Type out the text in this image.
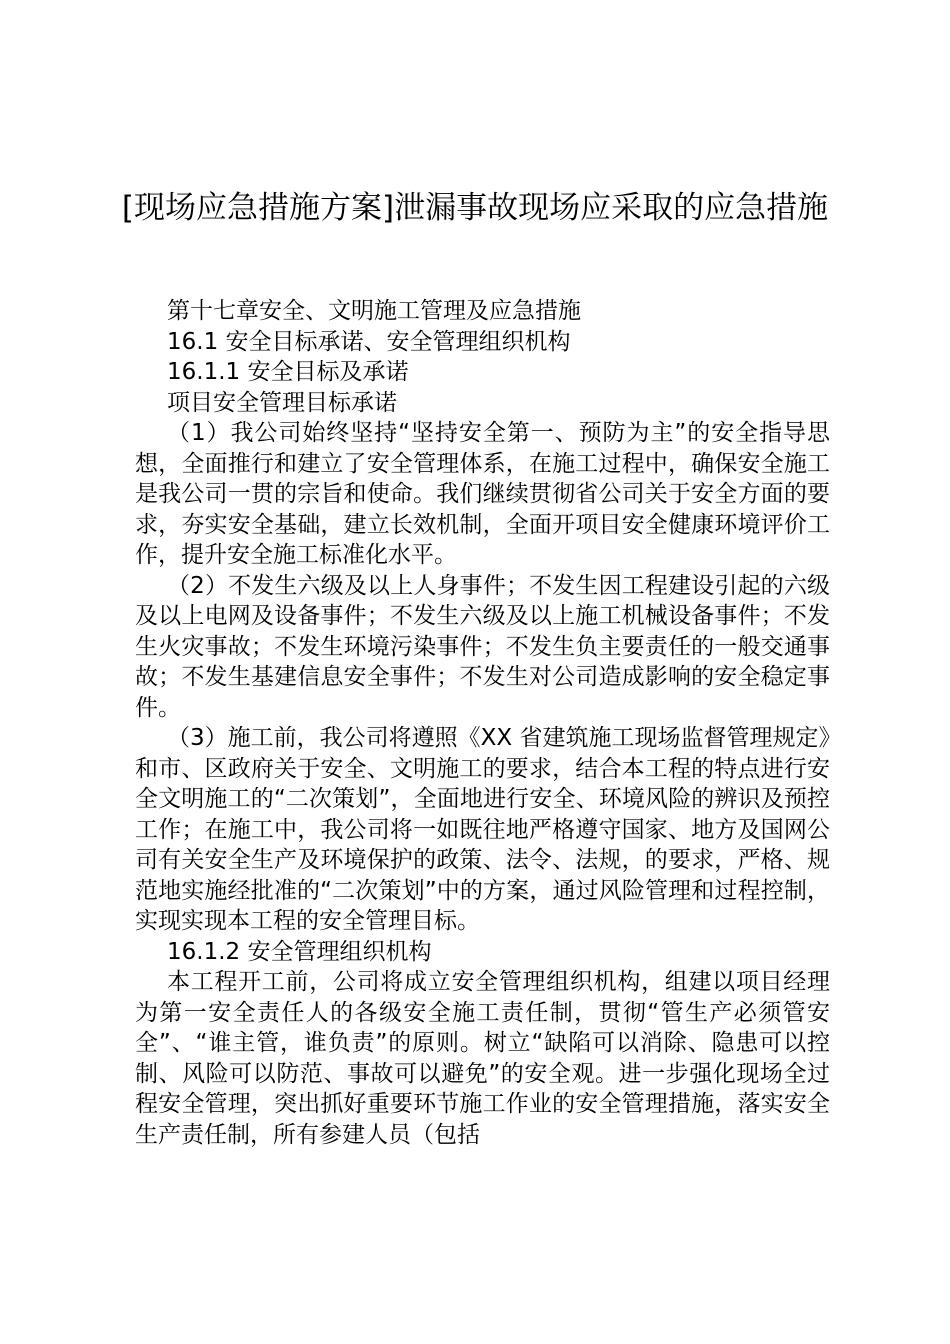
[现场应急措施方案]泄漏事故现场应采取的应急措施

第十七章安全、文明施工管理及应急措施

16.1 安全目标承诺、安全管理组织机构

16.1.1 安全目标及承诺

项目安全管理目标承诺

（1）我公司始终坚持“坚持安全第一、预防为主”的安全指导思想，全面推行和建立了安全管理体系，在施工过程中，确保安全施工是我公司一贯的宗旨和使命。我们继续贯彻省公司关于安全方面的要求，夯实安全基础，建立长效机制，全面开项目安全健康环境评价工作，提升安全施工标准化水平。

（2）不发生六级及以上人身事件；不发生因工程建设引起的六级及以上电网及设备事件；不发生六级及以上施工机械设备事件；不发生火灾事故；不发生环境污染事件；不发生负主要责任的一般交通事故；不发生基建信息安全事件；不发生对公司造成影响的安全稳定事件。

（3）施工前，我公司将遵照《XX 省建筑施工现场监督管理规定》和市、区政府关于安全、文明施工的要求，结合本工程的特点进行安全文明施工的“二次策划”，全面地进行安全、环境风险的辨识及预控工作；在施工中，我公司将一如既往地严格遵守国家、地方及国网公司有关安全生产及环境保护的政策、法令、法规，的要求，严格、规范地实施经批准的“二次策划”中的方案，通过风险管理和过程控制，实现实现本工程的安全管理目标。

16.1.2 安全管理组织机构

本工程开工前，公司将成立安全管理组织机构，组建以项目经理为第一安全责任人的各级安全施工责任制，贯彻“管生产必须管安全”、“谁主管，谁负责”的原则。树立“缺陷可以消除、隐患可以控制、风险可以防范、事故可以避免”的安全观。进一步强化现场全过程安全管理，突出抓好重要环节施工作业的安全管理措施，落实安全生产责任制，所有参建人员（包括
